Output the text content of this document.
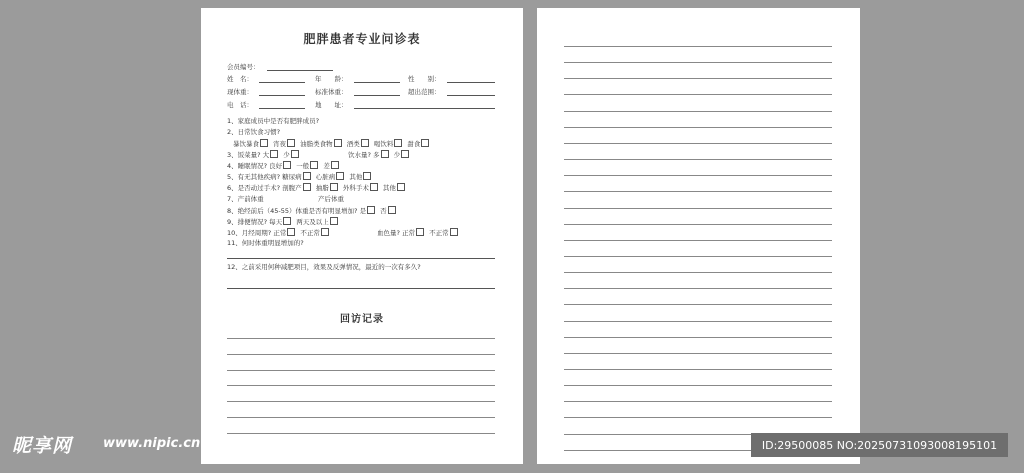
肥胖患者专业问诊表
会员编号：
姓　名：	年　　龄：	性　　别：
现体重：	标准体重：	超出范围：
电　话：	地　　址：
1、家庭成员中是否有肥胖成员?
2、日常饮食习惯?
暴饮暴食 宵夜 油脂类食物 酒类 喝饮料 甜食
3、饭菜量? 大 少	饮水量? 多 少
4、睡眠情况? 良好 一般 差
5、有无其他疾病? 糖尿病 心脏病 其他
6、是否动过手术? 剖腹产 抽脂 外科手术 其他
7、产前体重	产后体重
8、绝经前后（45-55）体重是否有明显增加? 是 否
9、排便情况? 每天 两天及以上
10、月经周期? 正常 不正常	血色量? 正常 不正常
11、何时体重明显增加的?
12、之前采用何种减肥项目，效果及反弹情况，最近的一次有多久?
回访记录
昵享网 www.nipic.cn	ID:29500085 NO:20250731093008195101
